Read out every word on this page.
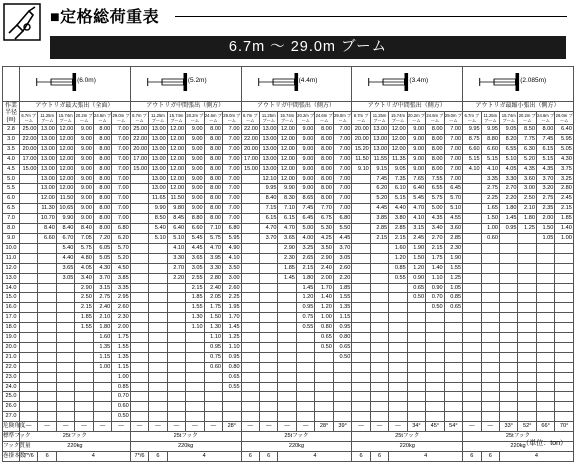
■定格総荷重表
6.7m ～ 29.0m ブーム

	(6.0m)						(5.2m)						(4.4m)						(3.4m)						(2.085m)					

作業半径 (m)	アウトリガ最大張出（全面）						アウトリガ中間張出（側方）						アウトリガ中間張出（側方）						アウトリガ中間張出（側方）						アウトリガ最縮小張出（側方）					
	6.7m ブーム	11.25m ブーム	15.74m ブーム	20.2m ブーム	24.6m ブーム	29.0m ブーム	6.7m ブーム	11.25m ブーム	15.74m ブーム	20.2m ブーム	24.6m ブーム	29.0m ブーム	6.7m ブーム	11.25m ブーム	15.74m ブーム	20.2m ブーム	24.6m ブーム	29.0m ブーム	6.7m ブーム	11.25m ブーム	15.74m ブーム	20.2m ブーム	24.6m ブーム	29.0m ブーム	6.7m ブーム	11.25m ブーム	15.74m ブーム	20.2m ブーム	24.6m ブーム	29.0m ブーム
2.8	25.00	13.00	12.00	9.00	8.00	7.00	25.00	13.00	12.00	9.00	8.00	7.00	22.00	13.00	12.00	9.00	8.00	7.00	20.00	13.00	12.00	9.00	8.00	7.00	9.95	9.95	9.05	8.50	8.00	6.40
3.0	22.00	13.00	12.00	9.00	8.00	7.00	22.00	13.00	12.00	9.00	8.00	7.00	22.00	13.00	12.00	9.00	8.00	7.00	20.00	13.00	12.00	9.00	8.00	7.00	8.75	8.80	8.20	7.75	7.45	5.95
3.5	20.00	13.00	12.00	9.00	8.00	7.00	20.00	13.00	12.00	9.00	8.00	7.00	20.00	13.00	12.00	9.00	8.00	7.00	15.20	13.00	12.00	9.00	8.00	7.00	6.60	6.60	6.55	6.30	6.15	5.05
4.0	17.00	13.00	12.00	9.00	8.00	7.00	17.00	13.00	12.00	9.00	8.00	7.00	17.00	13.00	12.00	9.00	8.00	7.00	11.50	11.55	11.35	9.00	8.00	7.00	5.15	5.15	5.10	5.20	5.15	4.30
4.5	15.00	13.00	12.00	9.00	8.00	7.00	15.00	13.00	12.00	9.00	8.00	7.00	15.00	13.00	12.00	9.00	8.00	7.00	9.10	9.15	9.05	9.00	8.00	7.00	4.10	4.10	4.05	4.35	4.35	3.75
5.0		13.00	12.00	9.00	8.00	7.00		13.00	12.00	9.00	8.00	7.00		12.10	12.00	9.00	8.00	7.00		7.45	7.35	7.65	7.55	7.00		3.35	3.30	3.60	3.70	3.25
5.5		13.00	12.00	9.00	8.00	7.00		13.00	12.00	9.00	8.00	7.00		9.95	9.90	9.00	8.00	7.00		6.20	6.10	6.40	6.55	6.45		2.75	2.70	3.00	3.20	2.80
6.0		12.00	11.50	9.00	8.00	7.00		11.65	11.50	9.00	8.00	7.00		8.40	8.30	8.65	8.00	7.00		5.20	5.15	5.45	5.75	5.70		2.25	2.20	2.50	2.75	2.45
6.5		11.30	10.65	9.00	8.00	7.00		9.90	9.80	9.00	8.00	7.00		7.15	7.10	7.45	7.70	7.00		4.45	4.40	4.70	5.00	5.10		1.65	1.80	2.10	2.35	2.15
7.0		10.70	9.90	9.00	8.00	7.00		8.50	8.45	8.80	8.00	7.00		6.15	6.15	6.45	6.75	6.80		3.85	3.80	4.10	4.35	4.55		1.50	1.45	1.80	2.00	1.85
8.0		8.40	8.40	8.40	8.00	6.80		5.40	6.40	6.60	7.10	6.80		4.70	4.70	5.00	5.30	5.50		2.85	2.85	3.15	3.40	3.60		1.00	0.95	1.25	1.50	1.40
9.0		6.60	6.70	7.05	7.20	6.20		5.10	5.10	5.45	5.75	5.95		3.70	3.65	4.00	4.25	4.45		2.15	2.15	2.45	2.70	2.85		0.60			1.05	1.00
10.0			5.40	5.75	6.05	5.70			4.10	4.45	4.70	4.90			2.90	3.25	3.50	3.70			1.60	1.90	2.15	2.30						
11.0			4.40	4.80	5.05	5.20			3.30	3.65	3.95	4.10			2.30	2.65	2.90	3.05			1.20	1.50	1.75	1.90						
12.0			3.65	4.05	4.30	4.50			2.70	3.05	3.30	3.50			1.85	2.15	2.40	2.60			0.85	1.20	1.40	1.55						
13.0			3.05	3.40	3.70	3.85			2.20	2.55	2.80	3.00			1.45	1.80	2.00	2.20			0.55	0.90	1.10	1.25						
14.0				2.90	3.15	3.35				2.15	2.40	2.60				1.45	1.70	1.85				0.65	0.90	1.05						
15.0				2.50	2.75	2.95				1.85	2.05	2.25				1.20	1.40	1.55				0.50	0.70	0.85						
16.0				2.15	2.40	2.60				1.55	1.75	1.95				0.95	1.20	1.35					0.50	0.65						
17.0				1.85	2.10	2.30				1.30	1.50	1.70				0.75	1.00	1.15												
18.0				1.55	1.80	2.00				1.10	1.30	1.45				0.55	0.80	0.95												
19.0					1.60	1.75					1.10	1.25					0.65	0.80												
20.0					1.35	1.55					0.95	1.10					0.50	0.65												
21.0					1.15	1.35					0.75	0.95						0.50												
22.0					1.00	1.15					0.60	0.80																		
23.0						1.00						0.65																		
24.0						0.85						0.55																		
25.0						0.70																								
26.0						0.60																								
27.0						0.50																								
危険角度	—	—	—	—	—	—	—	—	—	—	—	28°	—	—	—	—	28°	39°	—	—	—	34°	45°	54°	—	—	33°	52°	66°	70°
標準フック	25tフック						25tフック						25tフック						25tフック						25tフック					
フック質量	220kg						220kg						220kg						220kg						220kg					
巻掛本数	7*/6	6	4				7*/6	6	4				6	6	4				6	6	4				6	6	4			
（単位：ton）
